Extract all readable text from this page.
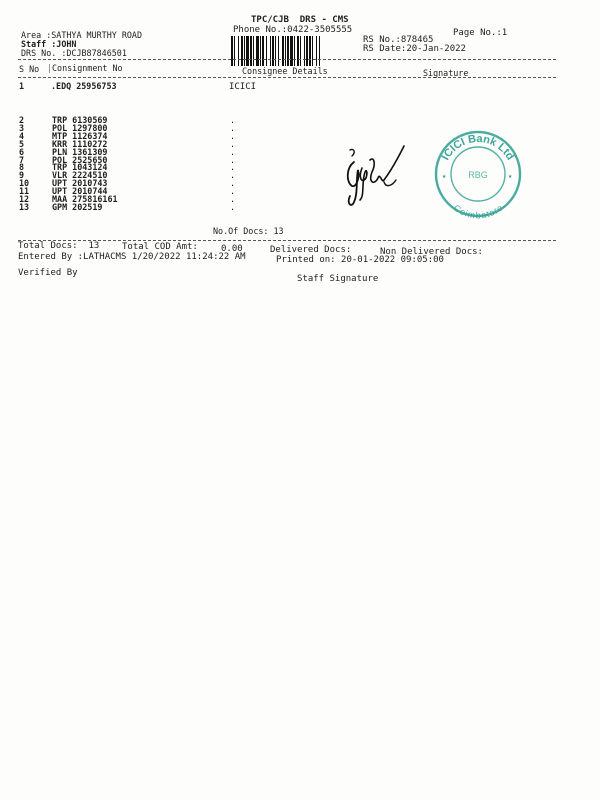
TPC/CJB  DRS - CMS
Phone No.:0422-3505555	Page No.:1
Area :SATHYA MURTHY ROAD
Staff :JOHN
DRS No. :DCJB87846501
RS No.:878465
RS Date:20-Jan-2022
S No	Consignment No	Consignee Details	Signature
1	.EDQ 25956753	ICICI
2	TRP 6130569	.
3	POL 1297800	.
4	MTP 1126374	.
5	KRR 1110272	.
6	PLN 1361309	.
7	POL 2525650	.
8	TRP 1043124	.
9	VLR 2224510	.
10	UPT 2010743	.
11	UPT 2010744	.
12	MAA 275816161	.
13	GPM 202519	.
No.Of Docs: 13
ICICI Bank Ltd
Coimbatore
RBG
★	★
Total Docs:  13	Total COD Amt:	0.00	Delivered Docs:	Non Delivered Docs:
Entered By :LATHACMS 1/20/2022 11:24:22 AM	Printed on: 20-01-2022 09:05:00
Verified By
Staff Signature
